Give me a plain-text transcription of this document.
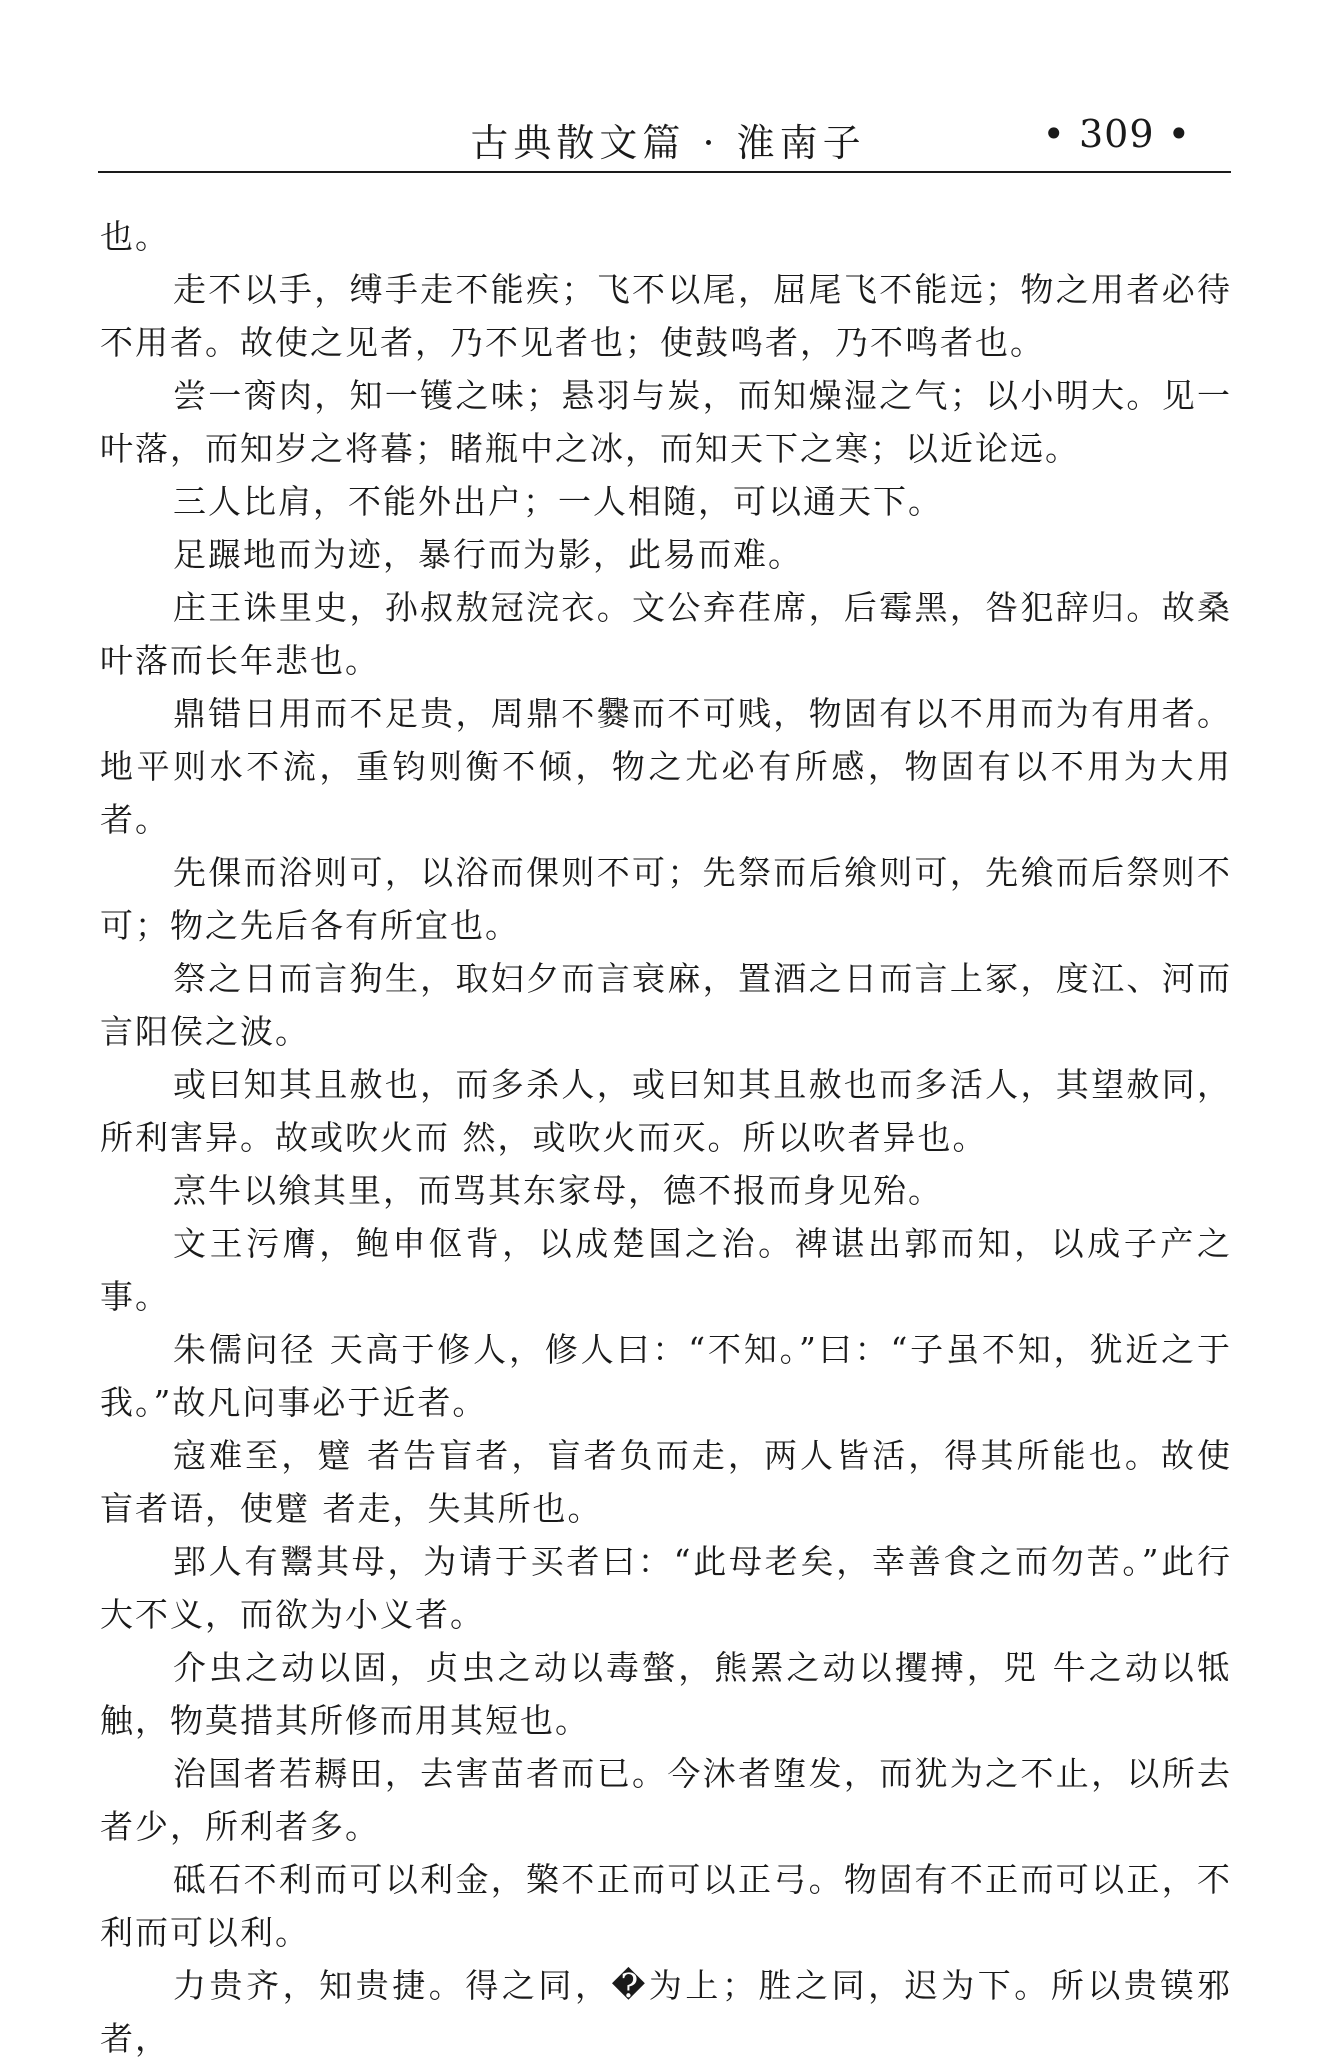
古典散文篇 · 淮南子	• 309 •

也。

走不以手，缚手走不能疾；飞不以尾，屈尾飞不能远；物之用者必待不用者。故使之见者，乃不见者也；使鼓鸣者，乃不鸣者也。

尝一脔肉，知一镬之味；悬羽与炭，而知燥湿之气；以小明大。见一叶落，而知岁之将暮；睹瓶中之冰，而知天下之寒；以近论远。

三人比肩，不能外出户；一人相随，可以通天下。

足蹍地而为迹，暴行而为影，此易而难。

庄王诛里史，孙叔敖冠浣衣。文公弃荏席，后霉黑，咎犯辞归。故桑叶落而长年悲也。

鼎错日用而不足贵，周鼎不爨而不可贱，物固有以不用而为有用者。地平则水不流，重钧则衡不倾，物之尤必有所感，物固有以不用为大用者。

先倮而浴则可，以浴而倮则不可；先祭而后飨则可，先飨而后祭则不可；物之先后各有所宜也。

祭之日而言狗生，取妇夕而言衰麻，置酒之日而言上冢，度江、河而言阳侯之波。

或曰知其且赦也，而多杀人，或曰知其且赦也而多活人，其望赦同，所利害异。故或吹火而 然，或吹火而灭。所以吹者异也。

烹牛以飨其里，而骂其东家母，德不报而身见殆。

文王污膺，鲍申伛背，以成楚国之治。裨谌出郭而知，以成子产之事。

朱儒问径 天高于修人，修人曰：“不知。”曰：“子虽不知，犹近之于我。”故凡问事必于近者。

寇难至，躄 者告盲者，盲者负而走，两人皆活，得其所能也。故使盲者语，使躄 者走，失其所也。

郢人有鬻其母，为请于买者曰：“此母老矣，幸善食之而勿苦。”此行大不义，而欲为小义者。

介虫之动以固，贞虫之动以毒螫，熊罴之动以攫搏，兕 牛之动以牴触，物莫措其所修而用其短也。

治国者若耨田，去害苗者而已。今沐者堕发，而犹为之不止，以所去者少，所利者多。

砥石不利而可以利金，檠不正而可以正弓。物固有不正而可以正，不利而可以利。

力贵齐，知贵捷。得之同，�为上；胜之同，迟为下。所以贵镆邪者，
